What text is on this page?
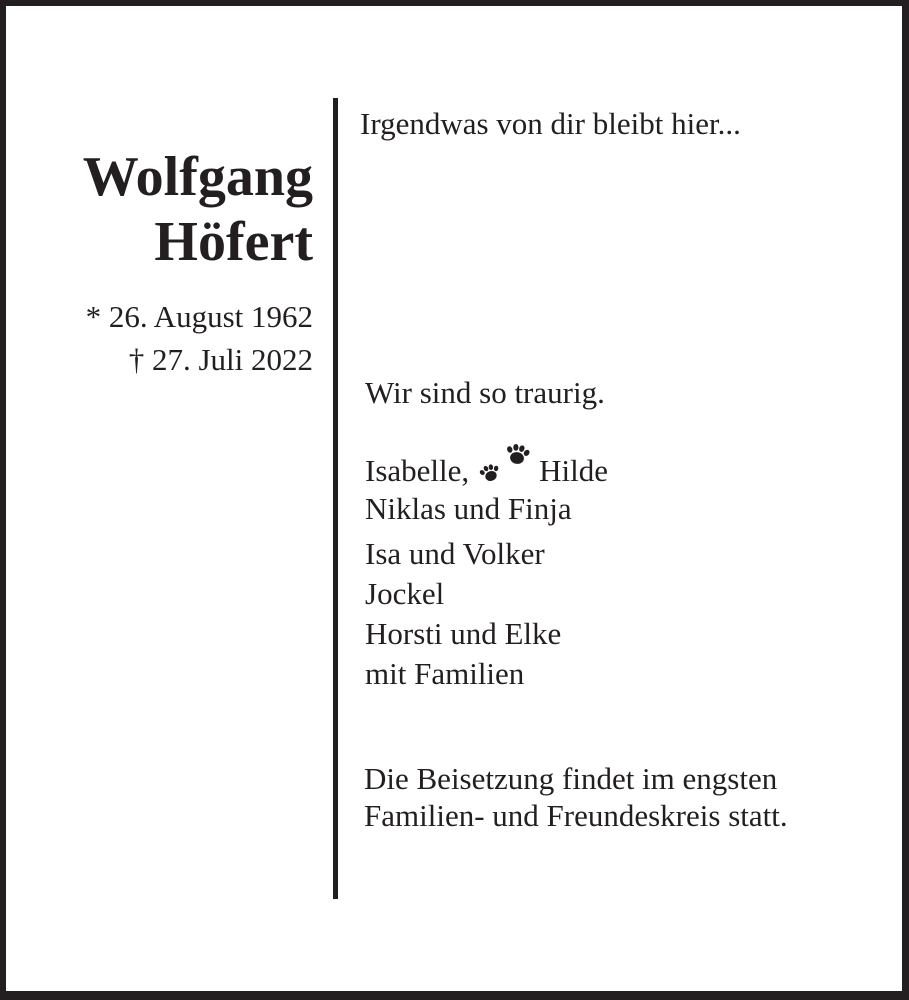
Wolfgang
Höfert
* 26. August 1962
† 27. Juli 2022
Irgendwas von dir bleibt hier...
Wir sind so traurig.
Isabelle, Hilde
Niklas und Finja
Isa und Volker
Jockel
Horsti und Elke
mit Familien
Die Beisetzung findet im engsten
Familien- und Freundeskreis statt.
